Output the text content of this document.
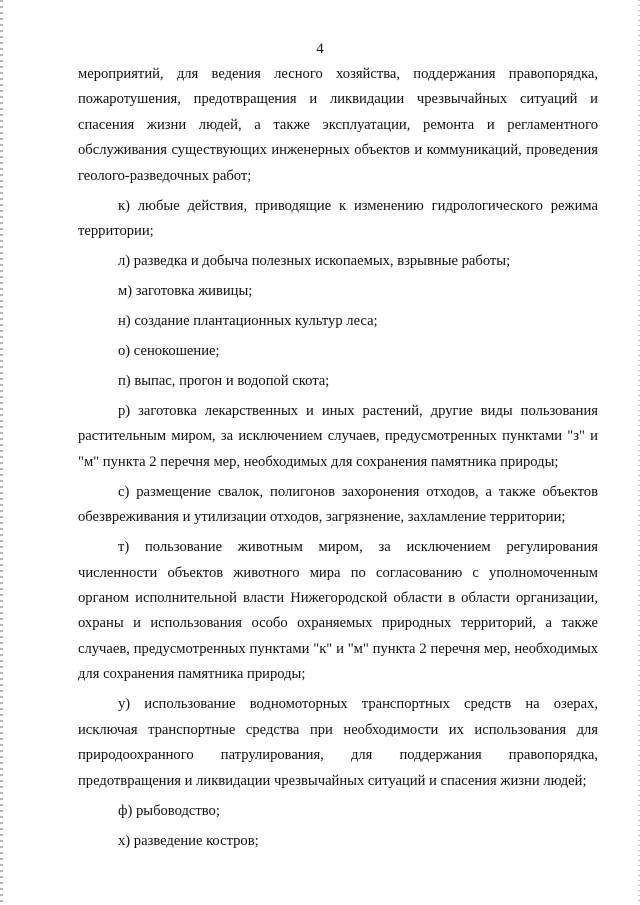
4

мероприятий, для ведения лесного хозяйства, поддержания правопорядка, пожаротушения, предотвращения и ликвидации чрезвычайных ситуаций и спасения жизни людей, а также эксплуатации, ремонта и регламентного обслуживания существующих инженерных объектов и коммуникаций, проведения геолого-разведочных работ;

к) любые действия, приводящие к изменению гидрологического режима территории;

л) разведка и добыча полезных ископаемых, взрывные работы;

м) заготовка живицы;

н) создание плантационных культур леса;

о) сенокошение;

п) выпас, прогон и водопой скота;

р) заготовка лекарственных и иных растений, другие виды пользования растительным миром, за исключением случаев, предусмотренных пунктами "з" и "м" пункта 2 перечня мер, необходимых для сохранения памятника природы;

с) размещение свалок, полигонов захоронения отходов, а также объектов обезвреживания и утилизации отходов, загрязнение, захламление территории;

т) пользование животным миром, за исключением регулирования численности объектов животного мира по согласованию с уполномоченным органом исполнительной власти Нижегородской области в области организации, охраны и использования особо охраняемых природных территорий, а также случаев, предусмотренных пунктами "к" и "м" пункта 2 перечня мер, необходимых для сохранения памятника природы;

у) использование водномоторных транспортных средств на озерах, исключая транспортные средства при необходимости их использования для природоохранного патрулирования, для поддержания правопорядка, предотвращения и ликвидации чрезвычайных ситуаций и спасения жизни людей;

ф) рыбоводство;

х) разведение костров;
